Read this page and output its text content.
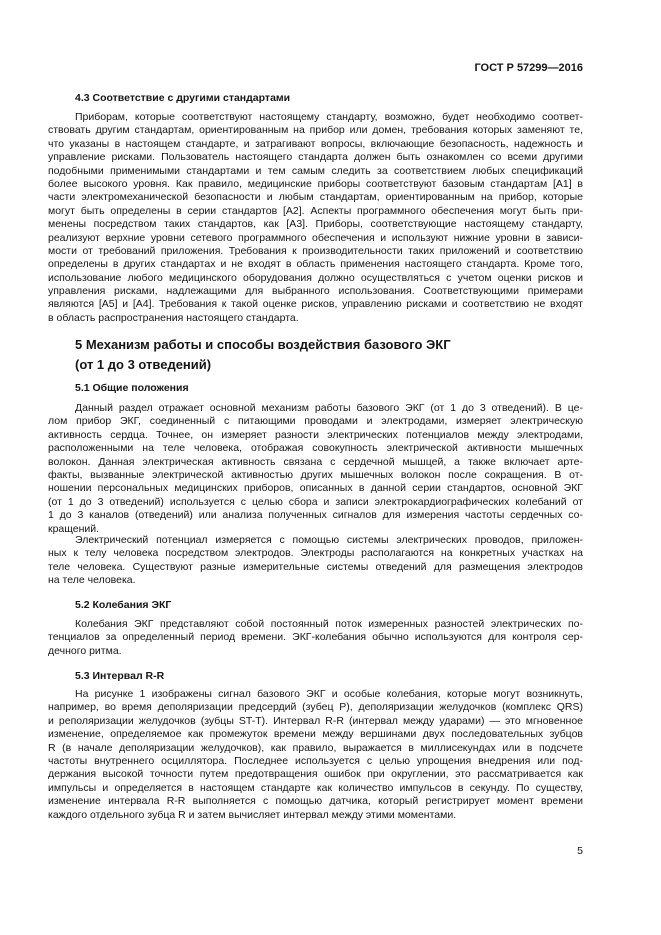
ГОСТ Р 57299—2016
4.3 Соответствие с другими стандартами
Приборам, которые соответствуют настоящему стандарту, возможно, будет необходимо соответ-
ствовать другим стандартам, ориентированным на прибор или домен, требования которых заменяют те,
что указаны в настоящем стандарте, и затрагивают вопросы, включающие безопасность, надежность и
управление рисками. Пользователь настоящего стандарта должен быть ознакомлен со всеми другими
подобными применимыми стандартами и тем самым следить за соответствием любых спецификаций
более высокого уровня. Как правило, медицинские приборы соответствуют базовым стандартам [A1] в
части электромеханической безопасности и любым стандартам, ориентированным на прибор, которые
могут быть определены в серии стандартов [A2]. Аспекты программного обеспечения могут быть при-
менены посредством таких стандартов, как [A3]. Приборы, соответствующие настоящему стандарту,
реализуют верхние уровни сетевого программного обеспечения и используют нижние уровни в зависи-
мости от требований приложения. Требования к производительности таких приложений и соответствию
определены в других стандартах и не входят в область применения настоящего стандарта. Кроме того,
использование любого медицинского оборудования должно осуществляться с учетом оценки рисков и
управления рисками, надлежащими для выбранного использования. Соответствующими примерами
являются [A5] и [A4]. Требования к такой оценке рисков, управлению рисками и соответствию не входят
в область распространения настоящего стандарта.
5 Механизм работы и способы воздействия базового ЭКГ
(от 1 до 3 отведений)
5.1 Общие положения
Данный раздел отражает основной механизм работы базового ЭКГ (от 1 до 3 отведений). В це-
лом прибор ЭКГ, соединенный с питающими проводами и электродами, измеряет электрическую
активность сердца. Точнее, он измеряет разности электрических потенциалов между электродами,
расположенными на теле человека, отображая совокупность электрической активности мышечных
волокон. Данная электрическая активность связана с сердечной мышцей, а также включает арте-
факты, вызванные электрической активностью других мышечных волокон после сокращения. В от-
ношении персональных медицинских приборов, описанных в данной серии стандартов, основной ЭКГ
(от 1 до 3 отведений) используется с целью сбора и записи электрокардиографических колебаний от
1 до 3 каналов (отведений) или анализа полученных сигналов для измерения частоты сердечных со-
кращений.
Электрический потенциал измеряется с помощью системы электрических проводов, приложен-
ных к телу человека посредством электродов. Электроды располагаются на конкретных участках на
теле человека. Существуют разные измерительные системы отведений для размещения электродов
на теле человека.
5.2 Колебания ЭКГ
Колебания ЭКГ представляют собой постоянный поток измеренных разностей электрических по-
тенциалов за определенный период времени. ЭКГ-колебания обычно используются для контроля сер-
дечного ритма.
5.3 Интервал R-R
На рисунке 1 изображены сигнал базового ЭКГ и особые колебания, которые могут возникнуть,
например, во время деполяризации предсердий (зубец P), деполяризации желудочков (комплекс QRS)
и реполяризации желудочков (зубцы ST-T). Интервал R-R (интервал между ударами) — это мгновенное
изменение, определяемое как промежуток времени между вершинами двух последовательных зубцов
R (в начале деполяризации желудочков), как правило, выражается в миллисекундах или в подсчете
частоты внутреннего осциллятора. Последнее используется с целью упрощения внедрения или под-
держания высокой точности путем предотвращения ошибок при округлении, это рассматривается как
импульсы и определяется в настоящем стандарте как количество импульсов в секунду. По существу,
изменение интервала R-R выполняется с помощью датчика, который регистрирует момент времени
каждого отдельного зубца R и затем вычисляет интервал между этими моментами.
5
